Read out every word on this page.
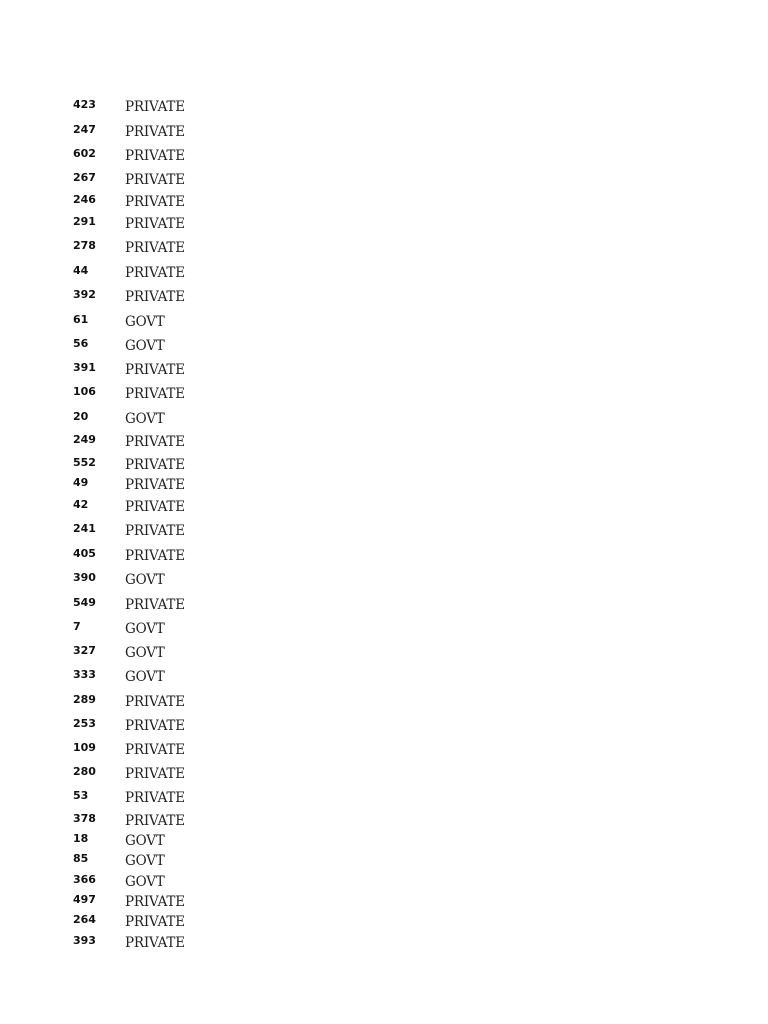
423 PRIVATE
247 PRIVATE
602 PRIVATE
267 PRIVATE
246 PRIVATE
291 PRIVATE
278 PRIVATE
44	PRIVATE
392 PRIVATE
61	GOVT
56	GOVT
391 PRIVATE
106 PRIVATE
20	GOVT
249 PRIVATE
552 PRIVATE
49	PRIVATE
42	PRIVATE
241 PRIVATE
405 PRIVATE
390 GOVT
549 PRIVATE
7	GOVT
327 GOVT
333 GOVT
289 PRIVATE
253 PRIVATE
109 PRIVATE
280 PRIVATE
53	PRIVATE
378 PRIVATE
18	GOVT
85	GOVT
366 GOVT
497 PRIVATE
264 PRIVATE
393 PRIVATE
